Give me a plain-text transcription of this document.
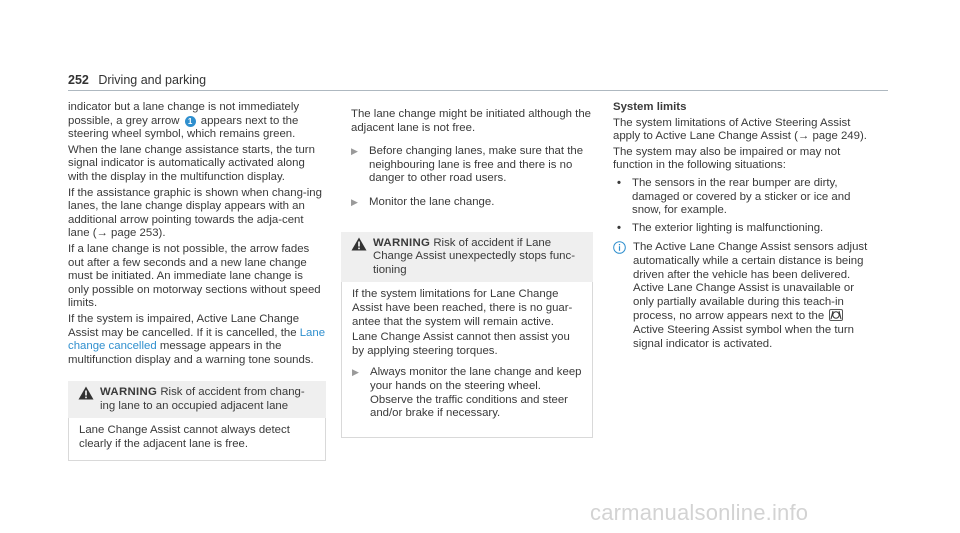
252 Driving and parking

indicator but a lane change is not immediately possible, a grey arrow 1 appears next to the steering wheel symbol, which remains green.

When the lane change assistance starts, the turn signal indicator is automatically activated along with the display in the multifunction display.

If the assistance graphic is shown when chang-ing lanes, the lane change display appears with an additional arrow pointing towards the adja-cent lane (→ page 253).

If a lane change is not possible, the arrow fades out after a few seconds and a new lane change must be initiated. An immediate lane change is only possible on motorway sections without speed limits.

If the system is impaired, Active Lane Change Assist may be cancelled. If it is cancelled, the Lane change cancelled message appears in the multifunction display and a warning tone sounds.

WARNING Risk of accident from chang-ing lane to an occupied adjacent lane

Lane Change Assist cannot always detect clearly if the adjacent lane is free.

The lane change might be initiated although the adjacent lane is not free.

▶ Before changing lanes, make sure that the neighbouring lane is free and there is no danger to other road users.
▶ Monitor the lane change.
WARNING Risk of accident if Lane Change Assist unexpectedly stops func-tioning

If the system limitations for Lane Change Assist have been reached, there is no guar-antee that the system will remain active.

Lane Change Assist cannot then assist you by applying steering torques.

▶ Always monitor the lane change and keep your hands on the steering wheel. Observe the traffic conditions and steer and/or brake if necessary.

System limits

The system limitations of Active Steering Assist apply to Active Lane Change Assist (→ page 249).

The system may also be impaired or may not function in the following situations:

• The sensors in the rear bumper are dirty, damaged or covered by a sticker or ice and snow, for example.
• The exterior lighting is malfunctioning.
The Active Lane Change Assist sensors adjust automatically while a certain distance is being driven after the vehicle has been delivered. Active Lane Change Assist is unavailable or only partially available during this teach-in process, no arrow appears next to the
Active Steering Assist symbol when the turn signal indicator is activated.
carmanualsonline.info
